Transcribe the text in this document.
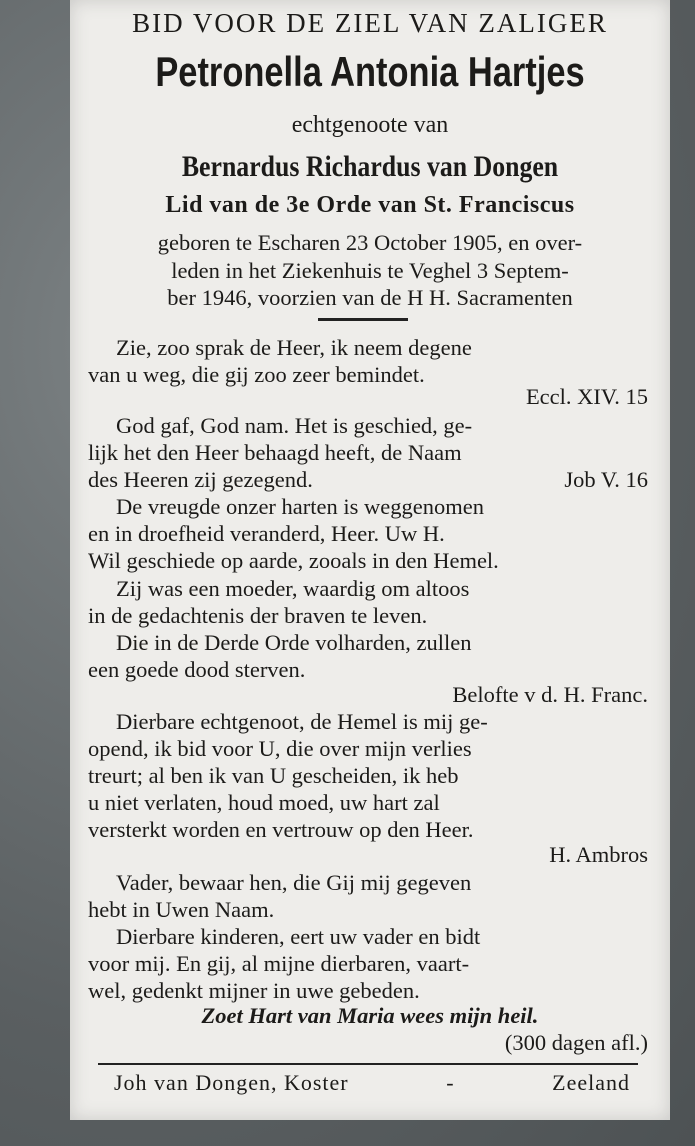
BID VOOR DE ZIEL VAN ZALIGER
Petronella Antonia Hartjes
echtgenoote van
Bernardus Richardus van Dongen
Lid van de 3e Orde van St. Franciscus
geboren te Escharen 23 October 1905, en over-
leden in het Ziekenhuis te Veghel 3 Septem-
ber 1946, voorzien van de H H. Sacramenten
Zie, zoo sprak de Heer, ik neem degene
van u weg, die gij zoo zeer bemindet.
Eccl. XIV. 15
God gaf, God nam. Het is geschied, ge-
lijk het den Heer behaagd heeft, de Naam
des Heeren zij gezegend.	Job V. 16
De vreugde onzer harten is weggenomen
en in droefheid veranderd, Heer. Uw H.
Wil geschiede op aarde, zooals in den Hemel.
Zij was een moeder, waardig om altoos
in de gedachtenis der braven te leven.
Die in de Derde Orde volharden, zullen
een goede dood sterven.
Belofte v d. H. Franc.
Dierbare echtgenoot, de Hemel is mij ge-
opend, ik bid voor U, die over mijn verlies
treurt; al ben ik van U gescheiden, ik heb
u niet verlaten, houd moed, uw hart zal
versterkt worden en vertrouw op den Heer.
H. Ambros
Vader, bewaar hen, die Gij mij gegeven
hebt in Uwen Naam.
Dierbare kinderen, eert uw vader en bidt
voor mij. En gij, al mijne dierbaren, vaart-
wel, gedenkt mijner in uwe gebeden.
Zoet Hart van Maria wees mijn heil.
(300 dagen afl.)
Joh van Dongen, Koster	-	Zeeland
